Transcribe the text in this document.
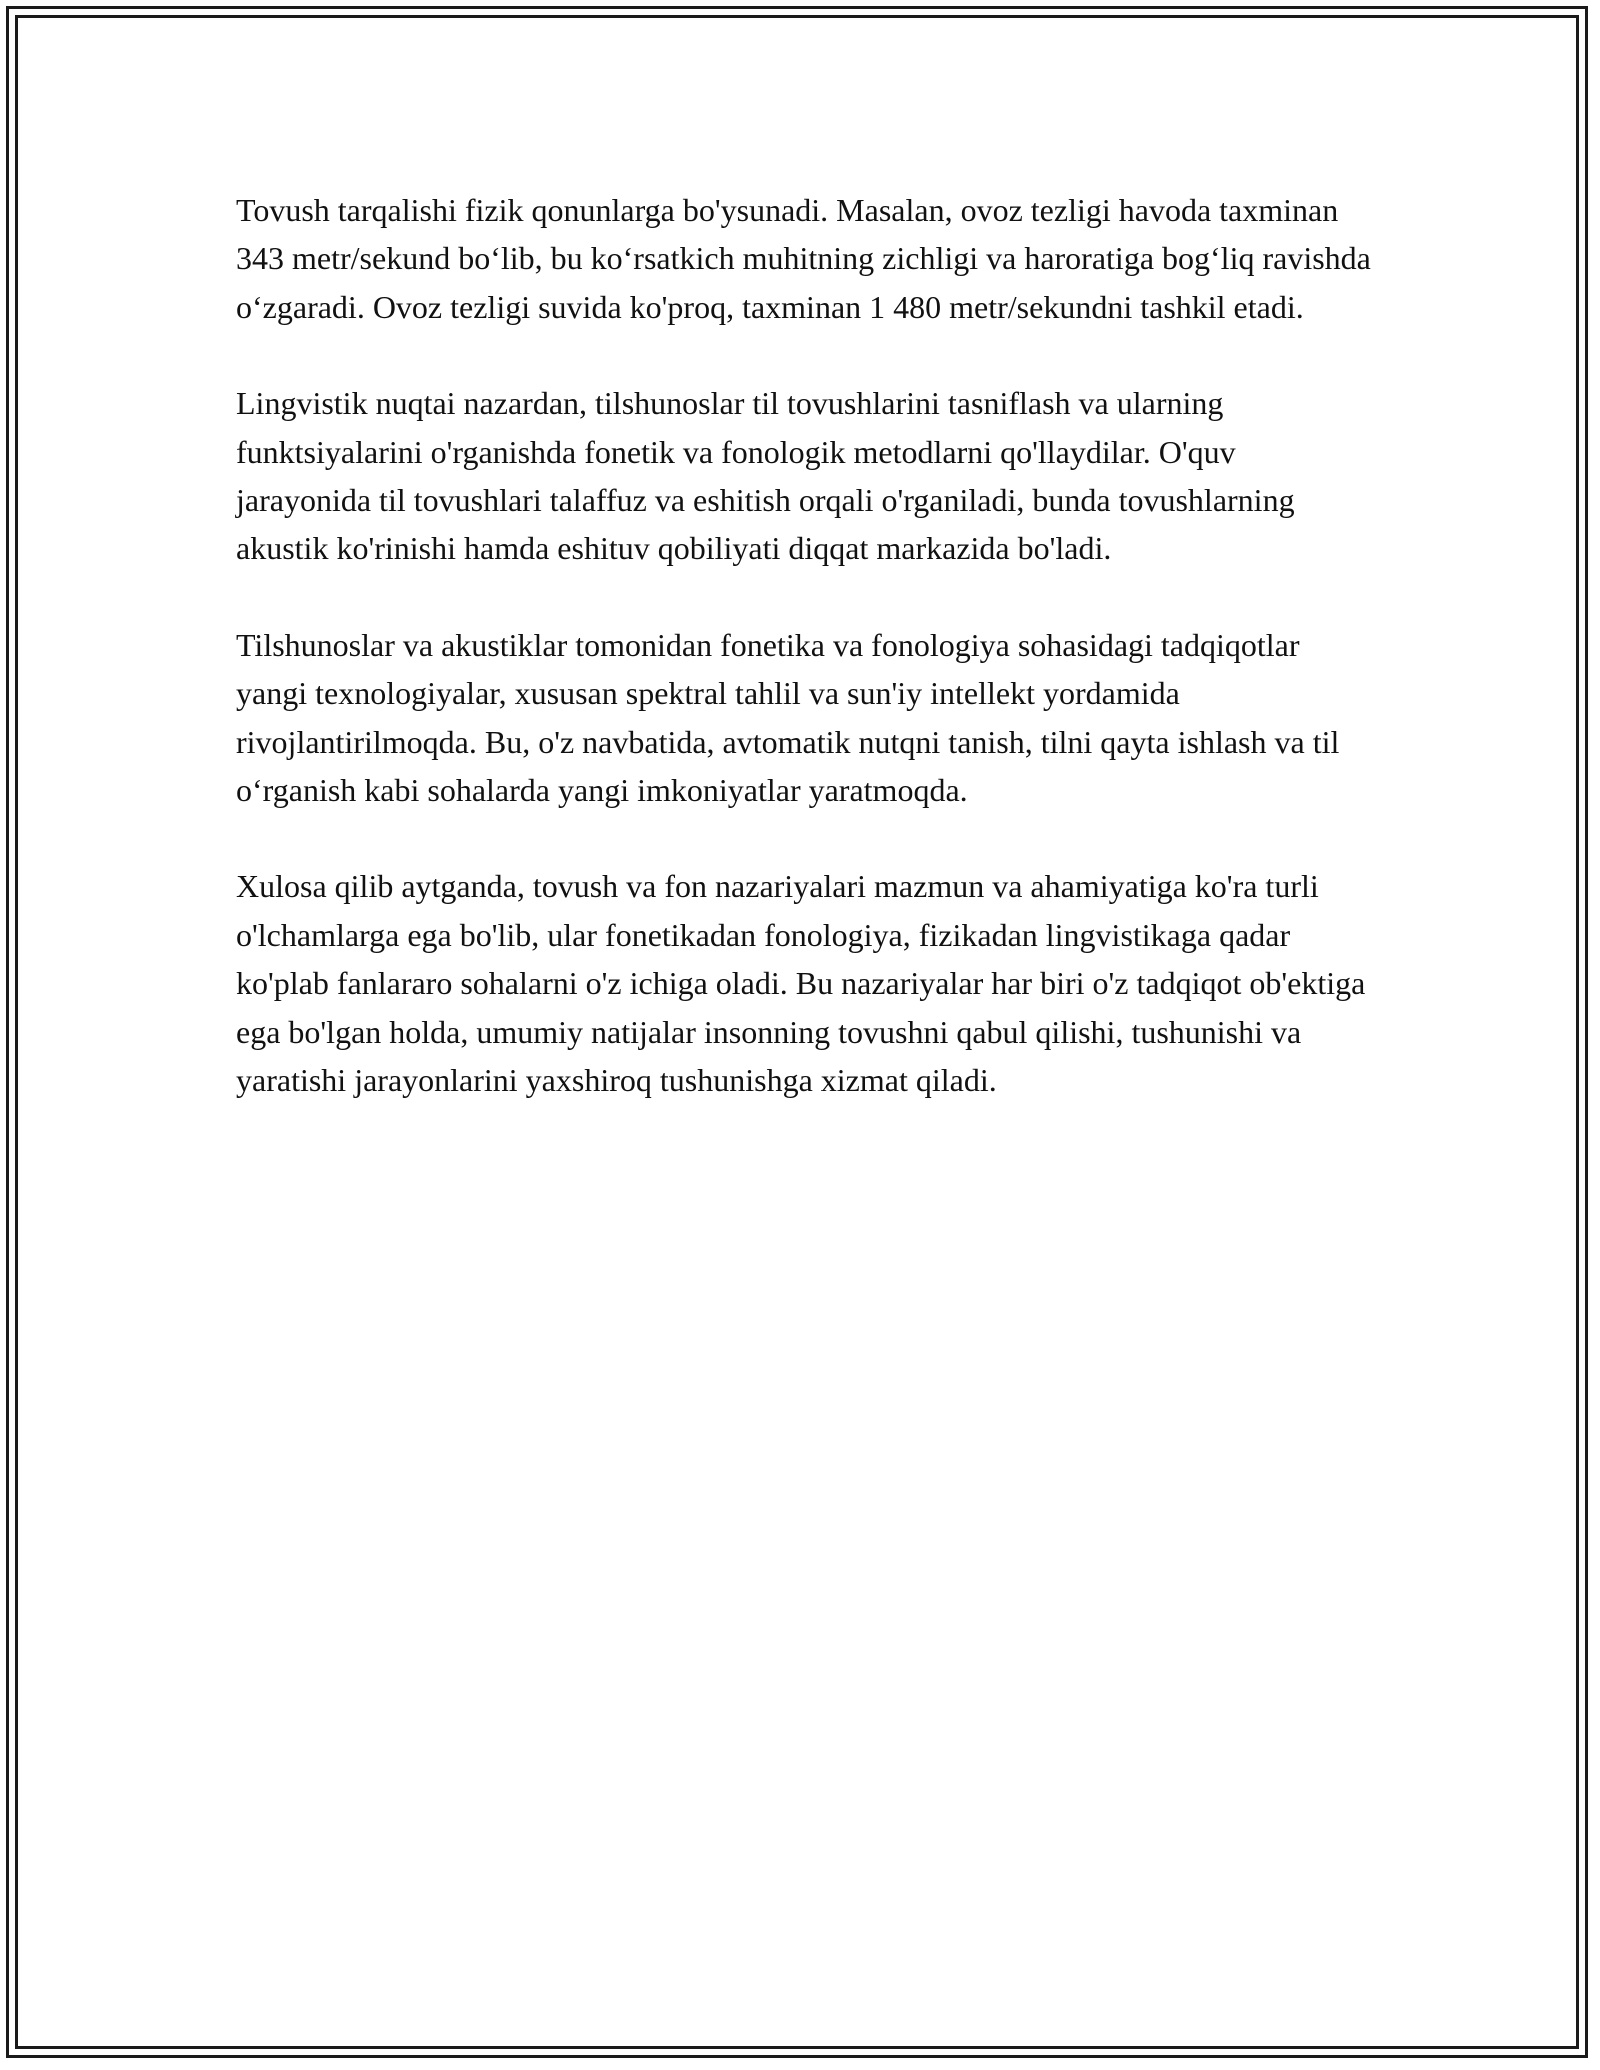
Tovush tarqalishi fizik qonunlarga bo'ysunadi. Masalan, ovoz tezligi havoda taxminan 343 metr/sekund bo‘lib, bu ko‘rsatkich muhitning zichligi va haroratiga bog‘liq ravishda o‘zgaradi. Ovoz tezligi suvida ko'proq, taxminan 1 480 metr/sekundni tashkil etadi.

Lingvistik nuqtai nazardan, tilshunoslar til tovushlarini tasniflash va ularning funktsiyalarini o'rganishda fonetik va fonologik metodlarni qo'llaydilar. O'quv jarayonida til tovushlari talaffuz va eshitish orqali o'rganiladi, bunda tovushlarning akustik ko'rinishi hamda eshituv qobiliyati diqqat markazida bo'ladi.

Tilshunoslar va akustiklar tomonidan fonetika va fonologiya sohasidagi tadqiqotlar yangi texnologiyalar, xususan spektral tahlil va sun'iy intellekt yordamida rivojlantirilmoqda. Bu, o'z navbatida, avtomatik nutqni tanish, tilni qayta ishlash va til o‘rganish kabi sohalarda yangi imkoniyatlar yaratmoqda.

Xulosa qilib aytganda, tovush va fon nazariyalari mazmun va ahamiyatiga ko'ra turli o'lchamlarga ega bo'lib, ular fonetikadan fonologiya, fizikadan lingvistikaga qadar ko'plab fanlararo sohalarni o'z ichiga oladi. Bu nazariyalar har biri o'z tadqiqot ob'ektiga ega bo'lgan holda, umumiy natijalar insonning tovushni qabul qilishi, tushunishi va yaratishi jarayonlarini yaxshiroq tushunishga xizmat qiladi.
